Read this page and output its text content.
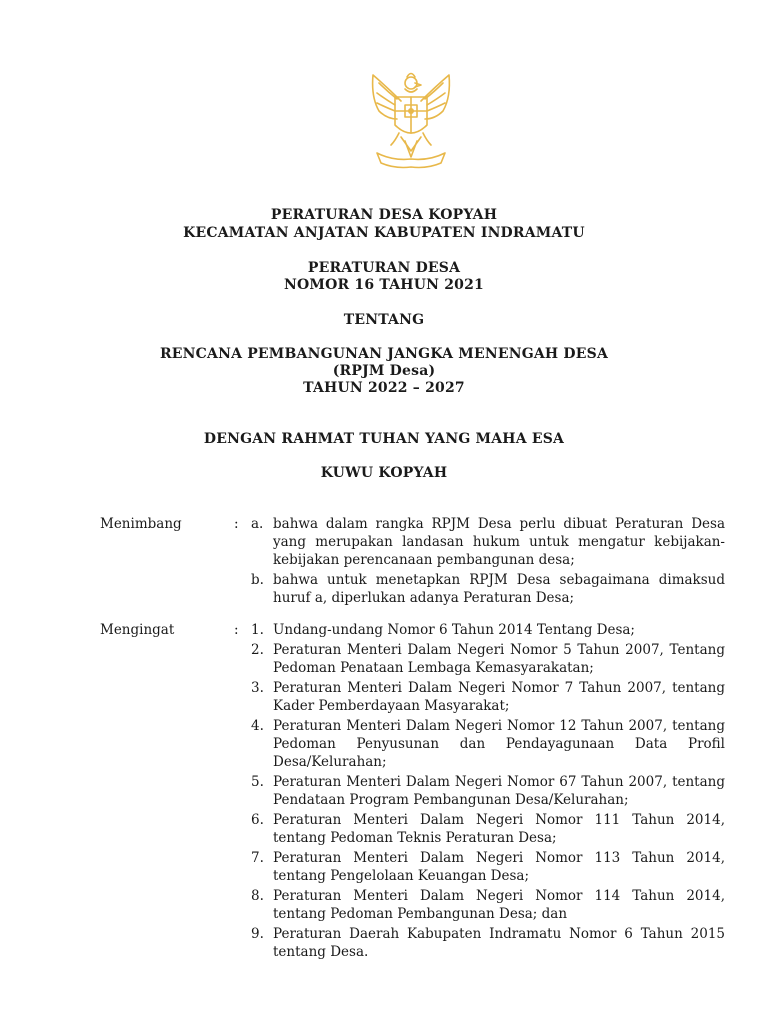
PERATURAN DESA KOPYAH
KECAMATAN ANJATAN KABUPATEN INDRAMATU
PERATURAN DESA
NOMOR 16 TAHUN 2021
TENTANG
RENCANA PEMBANGUNAN JANGKA MENENGAH DESA
(RPJM Desa)
TAHUN 2022 – 2027
DENGAN RAHMAT TUHAN YANG MAHA ESA
KUWU KOPYAH
Menimbang	: a. bahwa dalam rangka RPJM Desa perlu dibuat Peraturan Desa yang merupakan landasan hukum untuk mengatur kebijakan-kebijakan perencanaan pembangunan desa;
b. bahwa untuk menetapkan RPJM Desa sebagaimana dimaksud huruf a, diperlukan adanya Peraturan Desa;
Mengingat	: 1. Undang-undang Nomor 6 Tahun 2014 Tentang Desa;
2. Peraturan Menteri Dalam Negeri Nomor 5 Tahun 2007, Tentang Pedoman Penataan Lembaga Kemasyarakatan;
3. Peraturan Menteri Dalam Negeri Nomor 7 Tahun 2007, tentang Kader Pemberdayaan Masyarakat;
4. Peraturan Menteri Dalam Negeri Nomor 12 Tahun 2007, tentang Pedoman Penyusunan dan Pendayagunaan Data Profil Desa/Kelurahan;
5. Peraturan Menteri Dalam Negeri Nomor 67 Tahun 2007, tentang Pendataan Program Pembangunan Desa/Kelurahan;
6. Peraturan Menteri Dalam Negeri Nomor 111 Tahun 2014, tentang Pedoman Teknis Peraturan Desa;
7. Peraturan Menteri Dalam Negeri Nomor 113 Tahun 2014, tentang Pengelolaan Keuangan Desa;
8. Peraturan Menteri Dalam Negeri Nomor 114 Tahun 2014, tentang Pedoman Pembangunan Desa; dan
9. Peraturan Daerah Kabupaten Indramatu Nomor 6 Tahun 2015 tentang Desa.
